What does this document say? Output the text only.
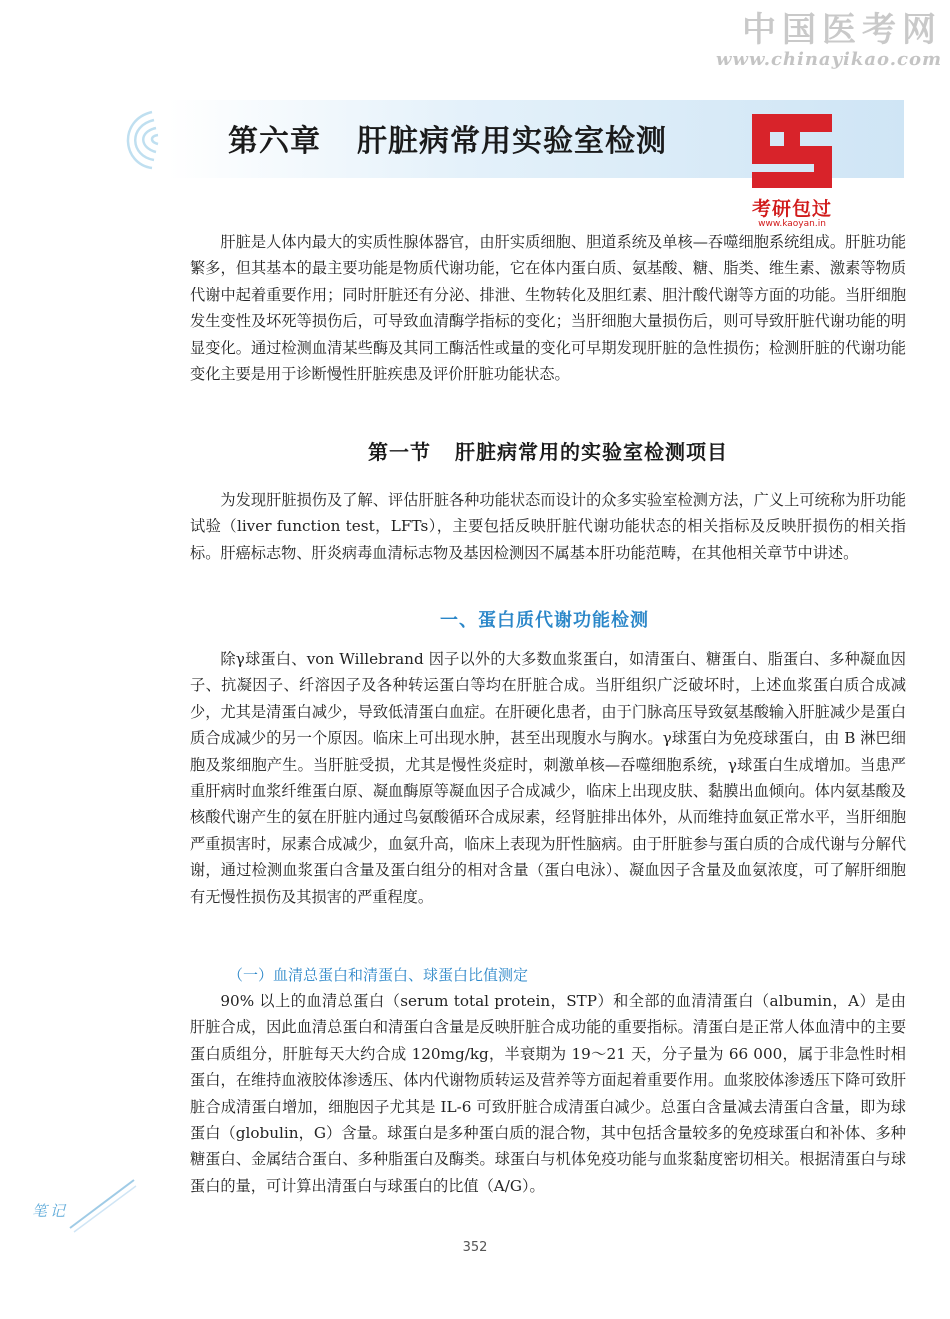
中国医考网
www.chinayikao.com
第六章 肝脏病常用实验室检测
考研包过
www.kaoyan.in

肝脏是人体内最大的实质性腺体器官，由肝实质细胞、胆道系统及单核—吞噬细胞系统组成。肝脏功能繁多，但其基本的最主要功能是物质代谢功能，它在体内蛋白质、氨基酸、糖、脂类、维生素、激素等物质代谢中起着重要作用；同时肝脏还有分泌、排泄、生物转化及胆红素、胆汁酸代谢等方面的功能。当肝细胞发生变性及坏死等损伤后，可导致血清酶学指标的变化；当肝细胞大量损伤后，则可导致肝脏代谢功能的明显变化。通过检测血清某些酶及其同工酶活性或量的变化可早期发现肝脏的急性损伤；检测肝脏的代谢功能变化主要是用于诊断慢性肝脏疾患及评价肝脏功能状态。

第一节 肝脏病常用的实验室检测项目

为发现肝脏损伤及了解、评估肝脏各种功能状态而设计的众多实验室检测方法，广义上可统称为肝功能试验（liver function test，LFTs），主要包括反映肝脏代谢功能状态的相关指标及反映肝损伤的相关指标。肝癌标志物、肝炎病毒血清标志物及基因检测因不属基本肝功能范畴，在其他相关章节中讲述。

一、蛋白质代谢功能检测

除γ球蛋白、von Willebrand 因子以外的大多数血浆蛋白，如清蛋白、糖蛋白、脂蛋白、多种凝血因子、抗凝因子、纤溶因子及各种转运蛋白等均在肝脏合成。当肝组织广泛破坏时，上述血浆蛋白质合成减少，尤其是清蛋白减少，导致低清蛋白血症。在肝硬化患者，由于门脉高压导致氨基酸输入肝脏减少是蛋白质合成减少的另一个原因。临床上可出现水肿，甚至出现腹水与胸水。γ球蛋白为免疫球蛋白，由 B 淋巴细胞及浆细胞产生。当肝脏受损，尤其是慢性炎症时，刺激单核—吞噬细胞系统，γ球蛋白生成增加。当患严重肝病时血浆纤维蛋白原、凝血酶原等凝血因子合成减少，临床上出现皮肤、黏膜出血倾向。体内氨基酸及核酸代谢产生的氨在肝脏内通过鸟氨酸循环合成尿素，经肾脏排出体外，从而维持血氨正常水平，当肝细胞严重损害时，尿素合成减少，血氨升高，临床上表现为肝性脑病。由于肝脏参与蛋白质的合成代谢与分解代谢，通过检测血浆蛋白含量及蛋白组分的相对含量（蛋白电泳）、凝血因子含量及血氨浓度，可了解肝细胞有无慢性损伤及其损害的严重程度。

（一）血清总蛋白和清蛋白、球蛋白比值测定

90% 以上的血清总蛋白（serum total protein，STP）和全部的血清清蛋白（albumin，A）是由肝脏合成，因此血清总蛋白和清蛋白含量是反映肝脏合成功能的重要指标。清蛋白是正常人体血清中的主要蛋白质组分，肝脏每天大约合成 120mg/kg，半衰期为 19～21 天，分子量为 66 000，属于非急性时相蛋白，在维持血液胶体渗透压、体内代谢物质转运及营养等方面起着重要作用。血浆胶体渗透压下降可致肝脏合成清蛋白增加，细胞因子尤其是 IL-6 可致肝脏合成清蛋白减少。总蛋白含量减去清蛋白含量，即为球蛋白（globulin，G）含量。球蛋白是多种蛋白质的混合物，其中包括含量较多的免疫球蛋白和补体、多种糖蛋白、金属结合蛋白、多种脂蛋白及酶类。球蛋白与机体免疫功能与血浆黏度密切相关。根据清蛋白与球蛋白的量，可计算出清蛋白与球蛋白的比值（A/G）。

笔记
352
